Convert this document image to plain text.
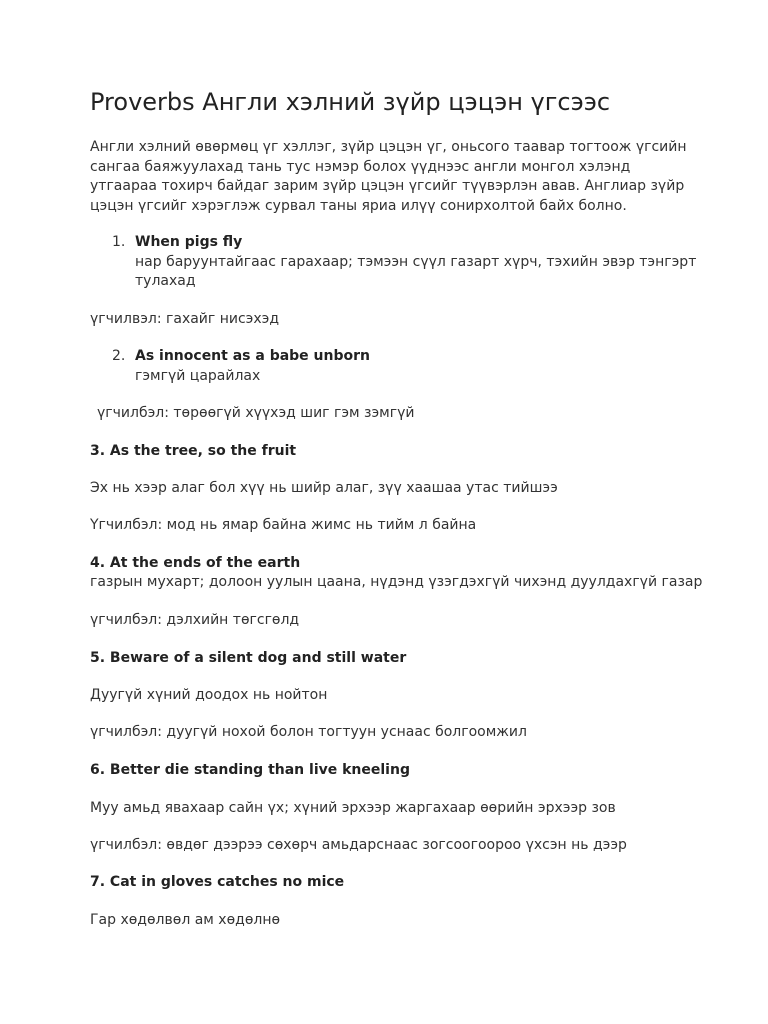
Proverbs Англи хэлний зүйр цэцэн үгсээс

Англи хэлний өвөрмөц үг хэллэг, зүйр цэцэн үг, оньсого таавар тогтоож үгсийн сангаа баяжуулахад тань тус нэмэр болох үүднээс англи монгол хэлэнд утгаараа тохирч байдаг зарим зүйр цэцэн үгсийг түүвэрлэн авав. Англиар зүйр цэцэн үгсийг хэрэглэж сурвал таны яриа илүү сонирхолтой байх болно.

1. When pigs fly
нар баруунтайгаас гарахаар; тэмээн сүүл газарт хүрч, тэхийн эвэр тэнгэрт
тулахад
үгчилвэл: гахайг нисэхэд
2. As innocent as a babe unborn
гэмгүй царайлах
үгчилбэл: төрөөгүй хүүхэд шиг гэм зэмгүй
3. As the tree, so the fruit
Эх нь хээр алаг бол хүү нь шийр алаг, зүү хаашаа утас тийшээ
Үгчилбэл: мод нь ямар байна жимс нь тийм л байна
4. At the ends of the earth
газрын мухарт; долоон уулын цаана, нүдэнд үзэгдэхгүй чихэнд дуулдахгүй газар
үгчилбэл: дэлхийн төгсгөлд
5. Beware of a silent dog and still water
Дуугүй хүний доодох нь нойтон
үгчилбэл: дуугүй нохой болон тогтуун уснаас болгоомжил
6. Better die standing than live kneeling
Муу амьд явахаар сайн үх; хүний эрхээр жаргахаар өөрийн эрхээр зов
үгчилбэл: өвдөг дээрээ сөхөрч амьдарснаас зогсоогоороо үхсэн нь дээр
7. Cat in gloves catches no mice
Гар хөдөлвөл ам хөдөлнө
